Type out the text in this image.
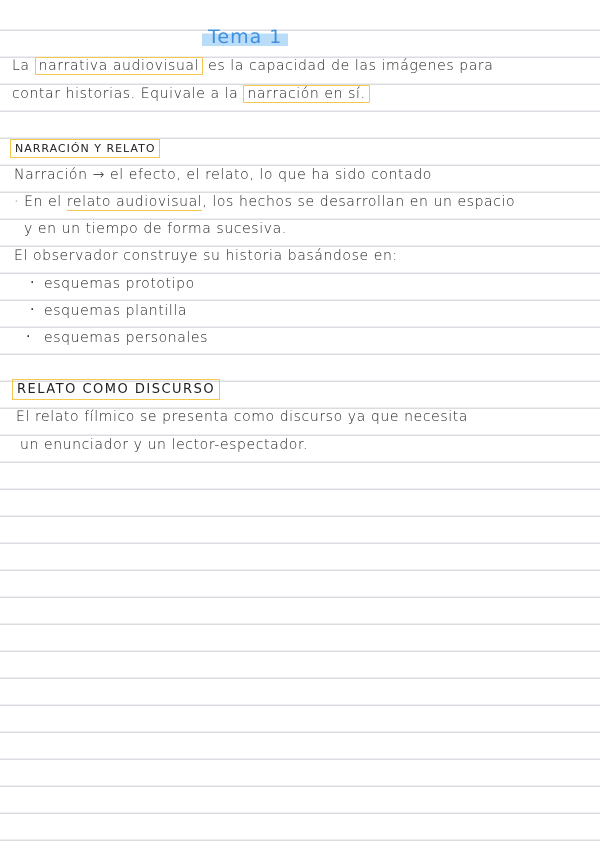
Tema 1
La narrativa audiovisual es la capacidad de las imágenes para
contar historias. Equivale a la narración en sí.
NARRACIÓN Y RELATO
Narración → el efecto, el relato, lo que ha sido contado
· En el relato audiovisual, los hechos se desarrollan en un espacio
y en un tiempo de forma sucesiva.
El observador construye su historia basándose en:
· esquemas prototipo
· esquemas plantilla
· esquemas personales
RELATO COMO DISCURSO
El relato fílmico se presenta como discurso ya que necesita
un enunciador y un lector-espectador.
